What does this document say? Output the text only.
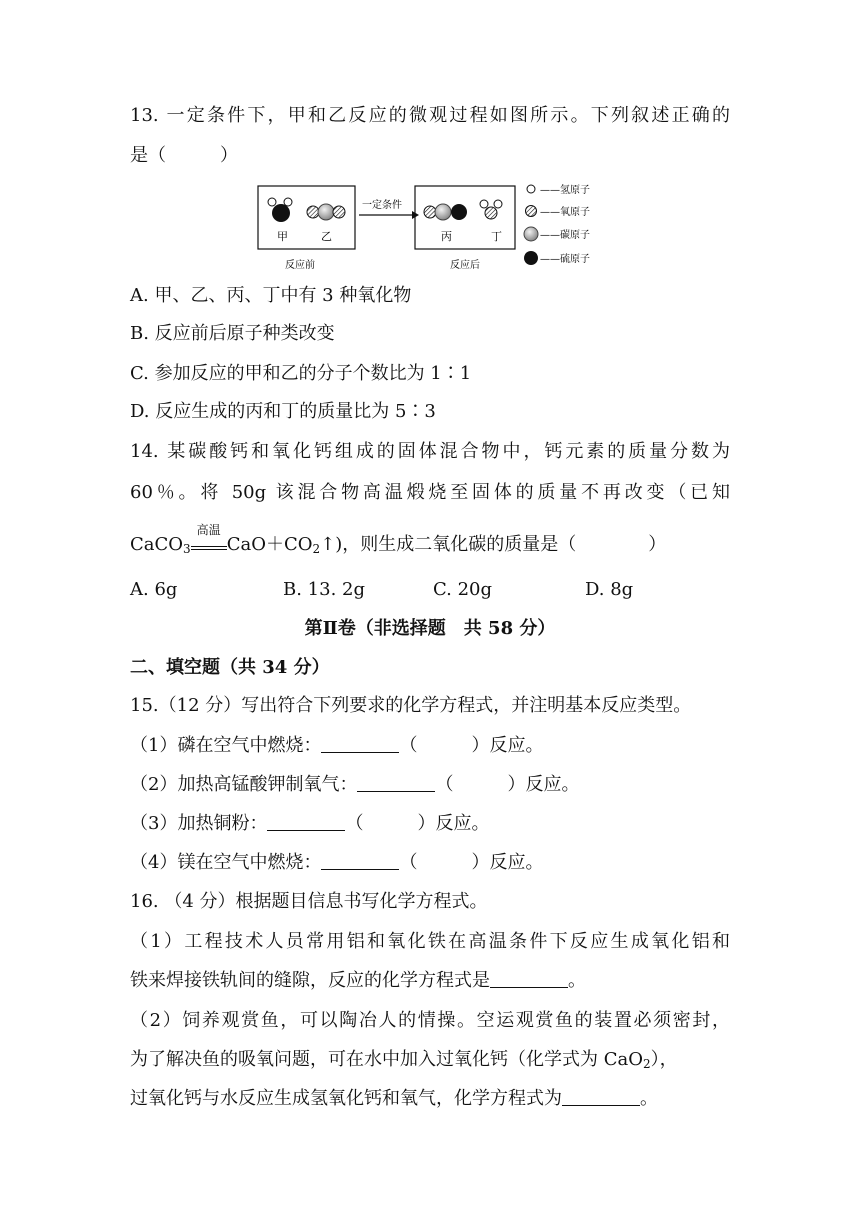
13. 一定条件下，甲和乙反应的微观过程如图所示。下列叙述正确的
是（　　　）
甲	乙
一定条件
丙	丁
反应前	反应后
——氢原子
——氧原子
——碳原子
——硫原子
A. 甲、乙、丙、丁中有 3 种氧化物
B. 反应前后原子种类改变
C. 参加反应的甲和乙的分子个数比为 1∶1
D. 反应生成的丙和丁的质量比为 5∶3
14. 某碳酸钙和氧化钙组成的固体混合物中，钙元素的质量分数为
60％。将 50g 该混合物高温煅烧至固体的质量不再改变（已知
CaCO$_3$
高温
$CaO+CO_2↑$)，则生成二氧化碳的质量是（　　　　）
A. 6g	B. 13. 2g	C. 20g	D. 8g
第Ⅱ卷（非选择题　共 58 分）
二、填空题（共 34 分）
15.（12 分）写出符合下列要求的化学方程式，并注明基本反应类型。
（1）磷在空气中燃烧：	（　　　）反应。
（2）加热高锰酸钾制氧气：	（　　　）反应。
（3）加热铜粉：	（　　　）反应。
（4）镁在空气中燃烧：	（　　　）反应。
16. （4 分）根据题目信息书写化学方程式。
（1）工程技术人员常用铝和氧化铁在高温条件下反应生成氧化铝和
铁来焊接铁轨间的缝隙，反应的化学方程式是	。
（2）饲养观赏鱼，可以陶冶人的情操。空运观赏鱼的装置必须密封，
为了解决鱼的吸氧问题，可在水中加入过氧化钙（化学式为 CaO$_2$），
过氧化钙与水反应生成氢氧化钙和氧气，化学方程式为	。
